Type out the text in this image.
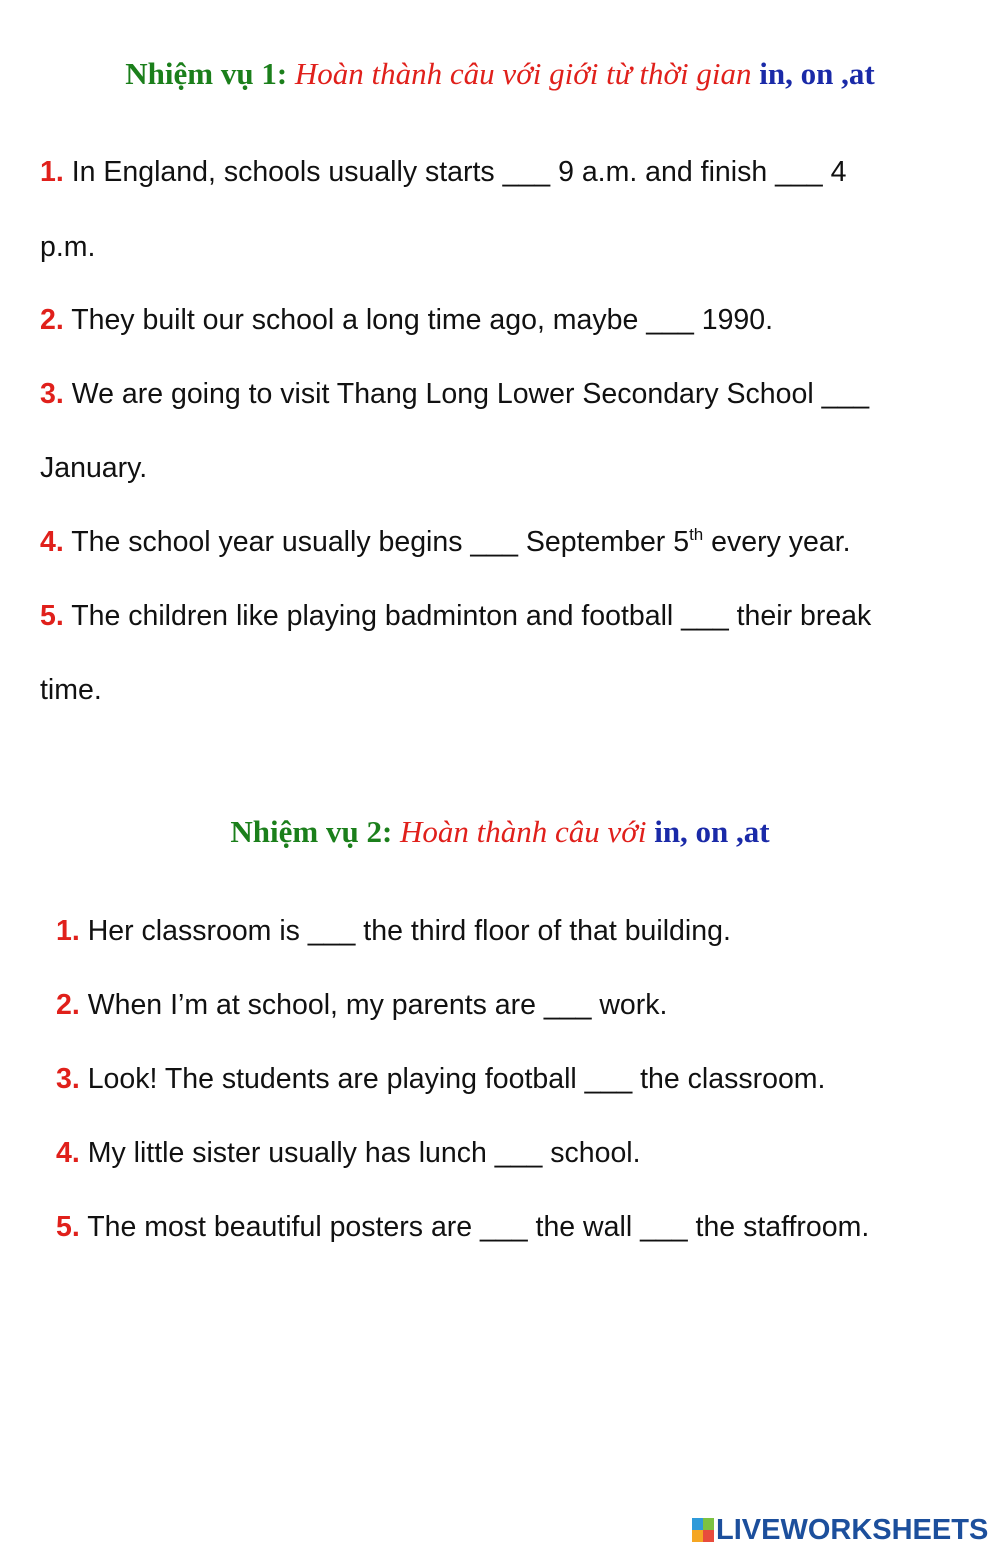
Nhiệm vụ 1: Hoàn thành câu với giới từ thời gian in, on ,at
1. In England, schools usually starts ___ 9 a.m. and finish ___ 4
p.m.
2. They built our school a long time ago, maybe ___ 1990.
3. We are going to visit Thang Long Lower Secondary School ___
January.
4. The school year usually begins ___ September 5th every year.
5. The children like playing badminton and football ___ their break
time.
Nhiệm vụ 2: Hoàn thành câu với in, on ,at
1. Her classroom is ___ the third floor of that building.
2. When I’m at school, my parents are ___ work.
3. Look! The students are playing football ___ the classroom.
4. My little sister usually has lunch ___ school.
5. The most beautiful posters are ___ the wall ___ the staffroom.
LIVEWORKSHEETS
